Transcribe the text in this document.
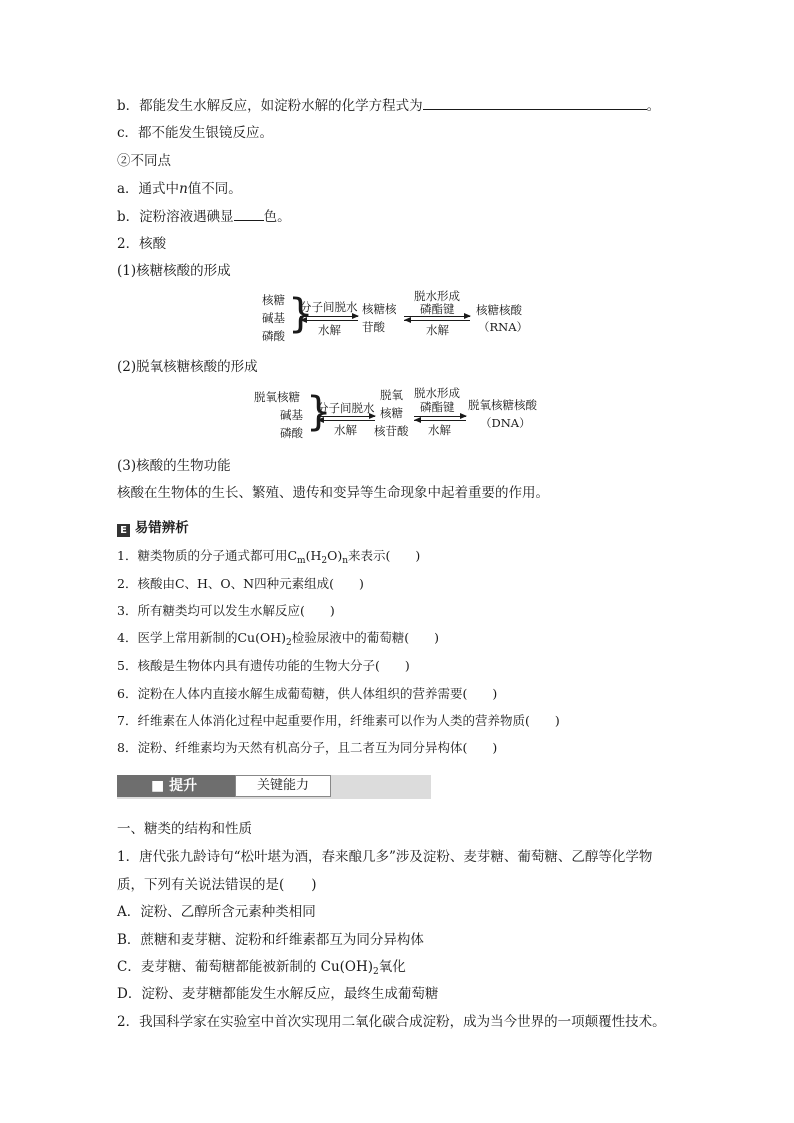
b．都能发生水解反应，如淀粉水解的化学方程式为	。
c．都不能发生银镜反应。
②不同点
a．通式中n值不同。
b．淀粉溶液遇碘显 色。
2．核酸
(1)核糖核酸的形成
核糖
碱基
磷酸 }
分子间脱水
水解
核糖核
苷酸
脱水形成
磷酯键
水解
核糖核酸
（RNA）
(2)脱氧核糖核酸的形成
脱氧核糖
碱基
磷酸 }
分子间脱水
水解
脱氧
核糖
核苷酸
脱水形成
磷酯键
水解
脱氧核糖核酸
（DNA）
(3)核酸的生物功能
核酸在生物体的生长、繁殖、遗传和变异等生命现象中起着重要的作用。
E 易错辨析
1．糖类物质的分子通式都可用$C_m(H_2O)_n$来表示(　　)
2．核酸由C、H、O、N四种元素组成(　　)
3．所有糖类均可以发生水解反应(　　)
4．医学上常用新制的$Cu(OH)_2$检验尿液中的葡萄糖(　　)
5．核酸是生物体内具有遗传功能的生物大分子(　　)
6．淀粉在人体内直接水解生成葡萄糖，供人体组织的营养需要(　　)
7．纤维素在人体消化过程中起重要作用，纤维素可以作为人类的营养物质(　　)
8．淀粉、纤维素均为天然有机高分子，且二者互为同分异构体(　　)
■ 提升	关键能力
一、糖类的结构和性质
1．唐代张九龄诗句“松叶堪为酒，春来酿几多”涉及淀粉、麦芽糖、葡萄糖、乙醇等化学物
质，下列有关说法错误的是(　　)
A．淀粉、乙醇所含元素种类相同
B．蔗糖和麦芽糖、淀粉和纤维素都互为同分异构体
C．麦芽糖、葡萄糖都能被新制的 $Cu(OH)_2$氧化
D．淀粉、麦芽糖都能发生水解反应，最终生成葡萄糖
2．我国科学家在实验室中首次实现用二氧化碳合成淀粉，成为当今世界的一项颠覆性技术。
